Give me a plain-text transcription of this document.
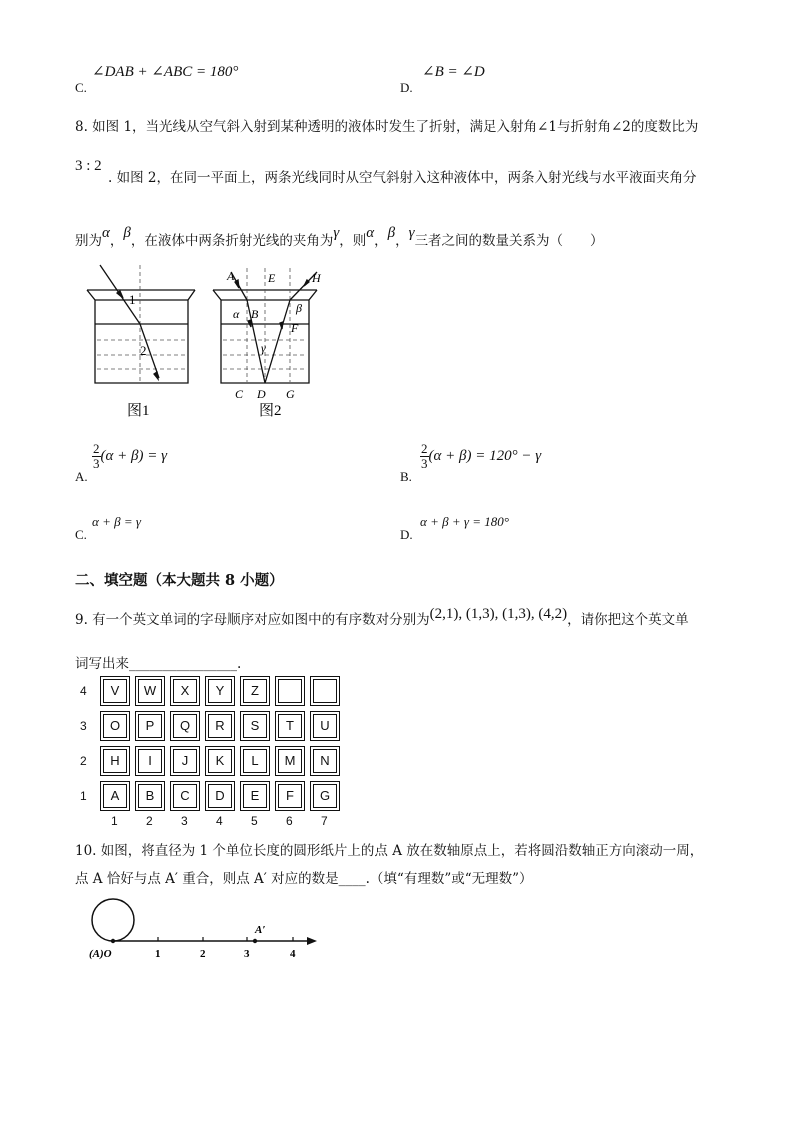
C.
∠DAB + ∠ABC = 180°
D.
∠B = ∠D
8. 如图 1，当光线从空气斜入射到某种透明的液体时发生了折射，满足入射角∠1与折射角∠2的度数比为
3 : 2
. 如图 2，在同一平面上，两条光线同时从空气斜射入这种液体中，两条入射光线与水平液面夹角分
别为α，β，在液体中两条折射光线的夹角为γ，则α，β，γ三者之间的数量关系为（　　）
1
2
图1
A	E	H
α B	β
F
γ
C D G
图2
A.
$\frac{2}{3} (\alpha + \beta) = \gamma$
B.
$\frac{2}{3} (\alpha + \beta) = 120^\circ - \gamma$
C.
α + β = γ
D.
α + β + γ = 180°
二、填空题（本大题共 8 小题）
9. 有一个英文单词的字母顺序对应如图中的有序数对分别为(2,1), (1,3), (1,3), (4,2)，请你把这个英文单
词写出来________________.
4	V	W	X	Y	Z
3	O	P	Q	R	S	T	U
2	H	I	J	K	L	M	N
1	A	B	C	D	E	F	G
1 2 3 4 5 6 7
10. 如图，将直径为 1 个单位长度的圆形纸片上的点 A 放在数轴原点上，若将圆沿数轴正方向滚动一周，
点 A 恰好与点 A′ 重合，则点 A′ 对应的数是____.（填“有理数”或“无理数”）
(A)O	1	2	3	4
A′
